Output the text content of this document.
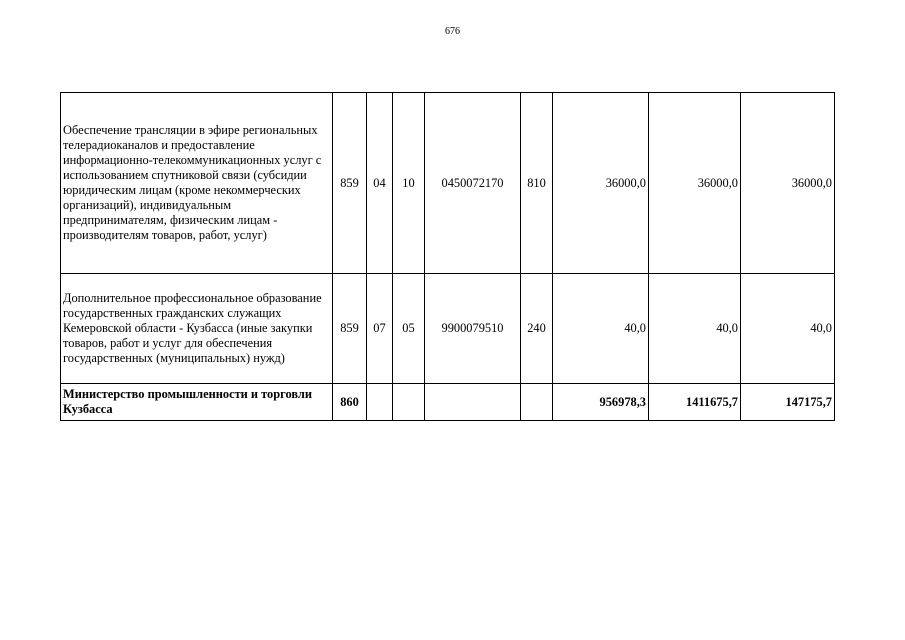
676
Обеспечение трансляции в эфире региональных телерадиоканалов и предоставление информационно-телекоммуникационных услуг с использованием спутниковой связи (субсидии юридическим лицам (кроме некоммерческих организаций), индивидуальным предпринимателям, физическим лицам - производителям товаров, работ, услуг)	859	04	10	0450072170	810	36000,0	36000,0	36000,0
Дополнительное профессиональное образование государственных гражданских служащих Кемеровской области - Кузбасса (иные закупки товаров, работ и услуг для обеспечения государственных (муниципальных) нужд)	859	07	05	9900079510	240	40,0	40,0	40,0
Министерство промышленности и торговли Кузбасса	860					956978,3	1411675,7	147175,7
